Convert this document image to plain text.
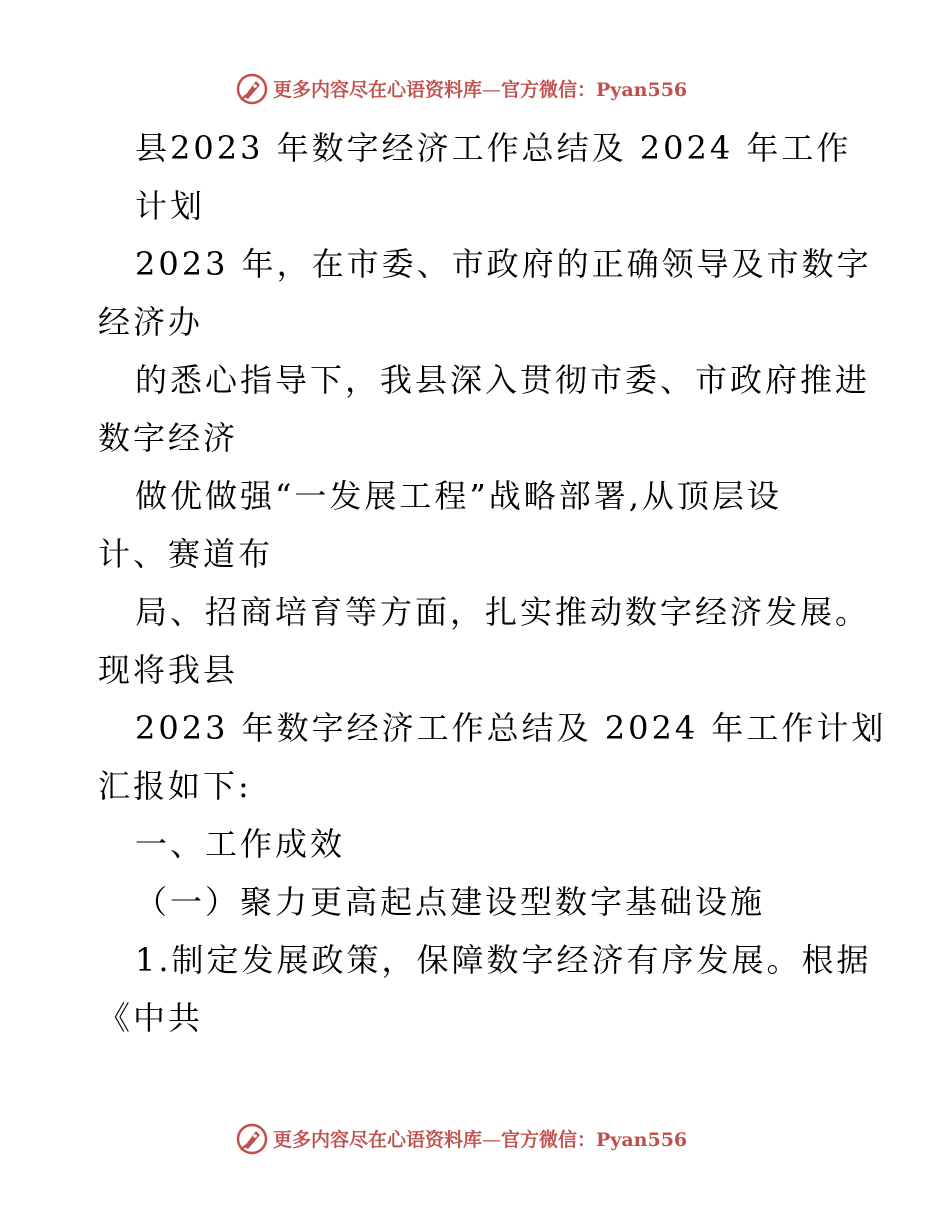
更多内容尽在心语资料库—官方微信：Pyan556
县2023 年数字经济工作总结及 2024 年工作
计划
2023 年，在市委、市政府的正确领导及市数字
经济办
的悉心指导下，我县深入贯彻市委、市政府推进
数字经济
做优做强“一发展工程”战略部署,从顶层设
计、赛道布
局、招商培育等方面，扎实推动数字经济发展。
现将我县
2023 年数字经济工作总结及 2024 年工作计划
汇报如下:
一、工作成效
（一）聚力更高起点建设型数字基础设施
1.制定发展政策，保障数字经济有序发展。根据
《中共
更多内容尽在心语资料库—官方微信：Pyan556
